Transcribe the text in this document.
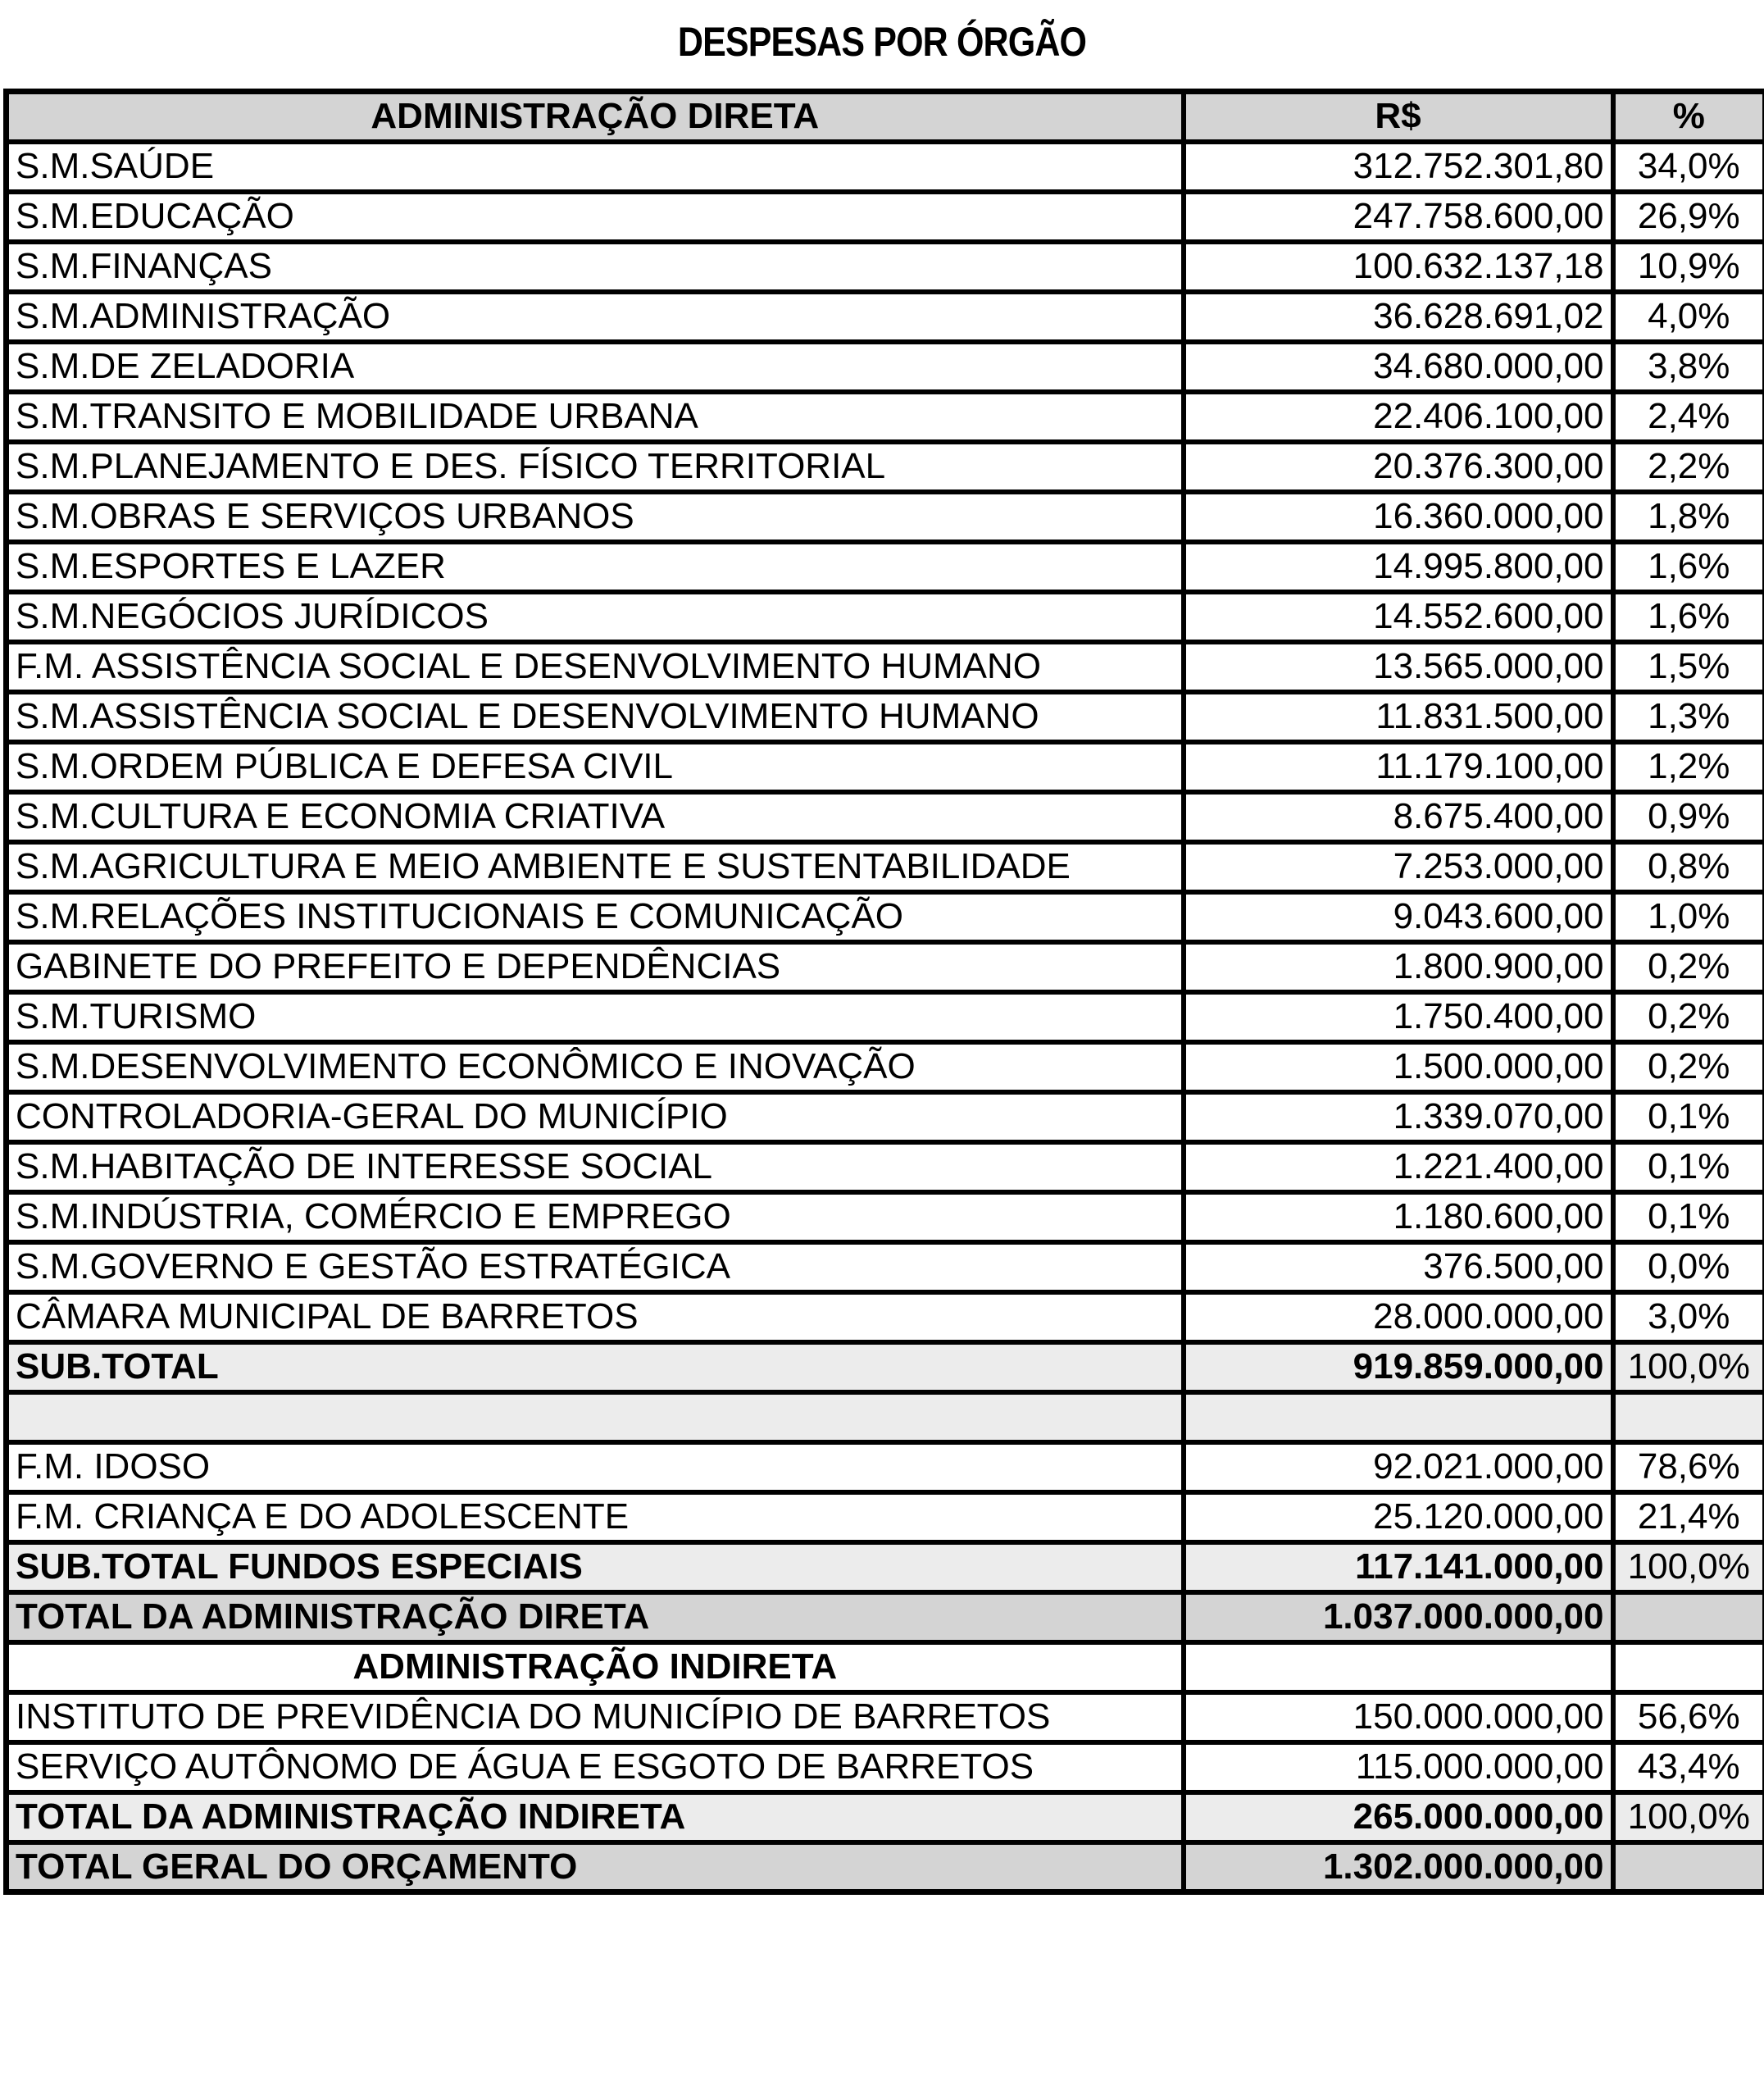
DESPESAS POR ÓRGÃO
ADMINISTRAÇÃO DIRETA	R$	%
S.M.SAÚDE	312.752.301,80	34,0%
S.M.EDUCAÇÃO	247.758.600,00	26,9%
S.M.FINANÇAS	100.632.137,18	10,9%
S.M.ADMINISTRAÇÃO	36.628.691,02	4,0%
S.M.DE ZELADORIA	34.680.000,00	3,8%
S.M.TRANSITO E MOBILIDADE URBANA	22.406.100,00	2,4%
S.M.PLANEJAMENTO E DES. FÍSICO TERRITORIAL	20.376.300,00	2,2%
S.M.OBRAS E SERVIÇOS URBANOS	16.360.000,00	1,8%
S.M.ESPORTES E LAZER	14.995.800,00	1,6%
S.M.NEGÓCIOS JURÍDICOS	14.552.600,00	1,6%
F.M. ASSISTÊNCIA SOCIAL E DESENVOLVIMENTO HUMANO	13.565.000,00	1,5%
S.M.ASSISTÊNCIA SOCIAL E DESENVOLVIMENTO HUMANO	11.831.500,00	1,3%
S.M.ORDEM PÚBLICA E DEFESA CIVIL	11.179.100,00	1,2%
S.M.CULTURA E ECONOMIA CRIATIVA	8.675.400,00	0,9%
S.M.AGRICULTURA E MEIO AMBIENTE E SUSTENTABILIDADE	7.253.000,00	0,8%
S.M.RELAÇÕES INSTITUCIONAIS E COMUNICAÇÃO	9.043.600,00	1,0%
GABINETE DO PREFEITO E DEPENDÊNCIAS	1.800.900,00	0,2%
S.M.TURISMO	1.750.400,00	0,2%
S.M.DESENVOLVIMENTO ECONÔMICO E INOVAÇÃO	1.500.000,00	0,2%
CONTROLADORIA-GERAL DO MUNICÍPIO	1.339.070,00	0,1%
S.M.HABITAÇÃO DE INTERESSE SOCIAL	1.221.400,00	0,1%
S.M.INDÚSTRIA, COMÉRCIO E EMPREGO	1.180.600,00	0,1%
S.M.GOVERNO E GESTÃO ESTRATÉGICA	376.500,00	0,0%
CÂMARA MUNICIPAL DE BARRETOS	28.000.000,00	3,0%
SUB.TOTAL	919.859.000,00	100,0%

F.M. IDOSO	92.021.000,00	78,6%
F.M. CRIANÇA E DO ADOLESCENTE	25.120.000,00	21,4%
SUB.TOTAL FUNDOS ESPECIAIS	117.141.000,00	100,0%
TOTAL DA ADMINISTRAÇÃO DIRETA	1.037.000.000,00	
ADMINISTRAÇÃO INDIRETA		
INSTITUTO DE PREVIDÊNCIA DO MUNICÍPIO DE BARRETOS	150.000.000,00	56,6%
SERVIÇO AUTÔNOMO DE ÁGUA E ESGOTO DE BARRETOS	115.000.000,00	43,4%
TOTAL DA ADMINISTRAÇÃO INDIRETA	265.000.000,00	100,0%
TOTAL GERAL DO ORÇAMENTO	1.302.000.000,00	
